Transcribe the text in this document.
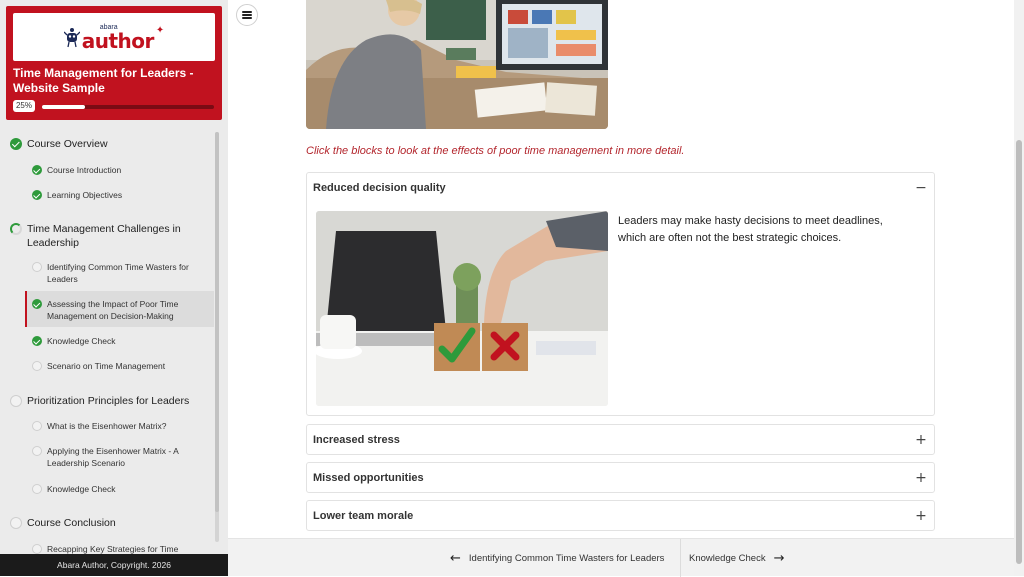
abara
author ✦
Time Management for Leaders - Website Sample
25%
Course Overview
Course Introduction
Learning Objectives
Time Management Challenges in Leadership
Identifying Common Time Wasters for Leaders
Assessing the Impact of Poor Time Management on Decision-Making
Knowledge Check
Scenario on Time Management
Prioritization Principles for Leaders
What is the Eisenhower Matrix?
Applying the Eisenhower Matrix - A Leadership Scenario
Knowledge Check
Course Conclusion
Recapping Key Strategies for Time
Abara Author, Copyright. 2026
Click the blocks to look at the effects of poor time management in more detail.
Reduced decision quality	−
Leaders may make hasty decisions to meet deadlines, which are often not the best strategic choices.
Increased stress	+
Missed opportunities	+
Lower team morale	+
← Identifying Common Time Wasters for Leaders	Knowledge Check →
